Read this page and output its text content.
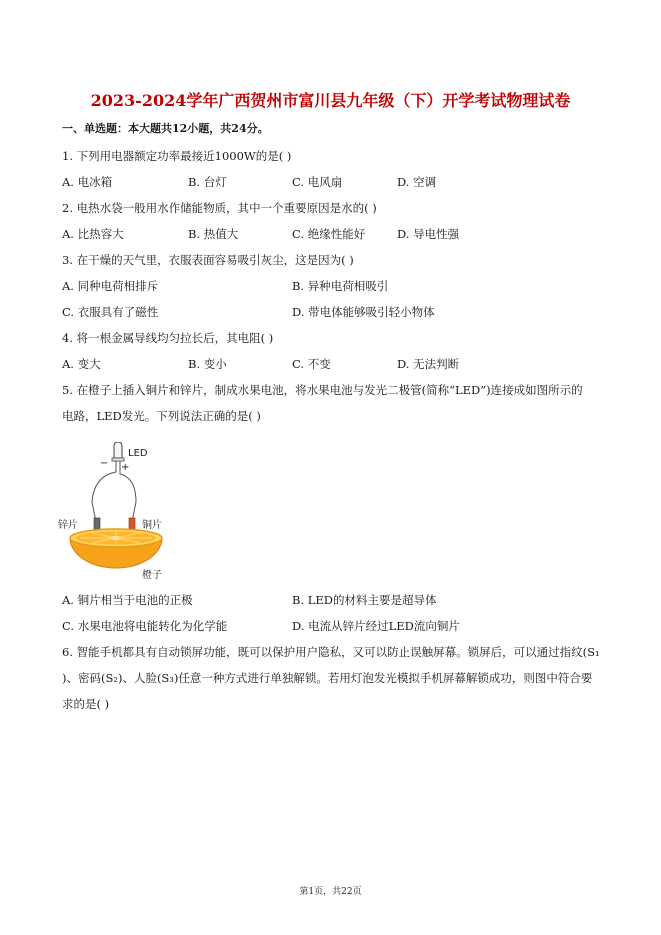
2023-2024学年广西贺州市富川县九年级（下）开学考试物理试卷
一、单选题：本大题共12小题，共24分。
1. 下列用电器额定功率最接近1000W的是( )
A. 电冰箱	B. 台灯	C. 电风扇	D. 空调
2. 电热水袋一般用水作储能物质，其中一个重要原因是水的( )
A. 比热容大	B. 热值大	C. 绝缘性能好	D. 导电性强
3. 在干燥的天气里，衣服表面容易吸引灰尘，这是因为( )
A. 同种电荷相排斥	B. 异种电荷相吸引
C. 衣服具有了磁性	D. 带电体能够吸引轻小物体
4. 将一根金属导线均匀拉长后，其电阻( )
A. 变大	B. 变小	C. 不变	D. 无法判断
5. 在橙子上插入铜片和锌片，制成水果电池，将水果电池与发光二极管(简称“LED”)连接成如图所示的
电路，LED发光。下列说法正确的是( )
LED
− +
锌片	铜片
橙子
A. 铜片相当于电池的正极	B. LED的材料主要是超导体
C. 水果电池将电能转化为化学能	D. 电流从锌片经过LED流向铜片
6. 智能手机都具有自动锁屏功能，既可以保护用户隐私，又可以防止误触屏幕。锁屏后，可以通过指纹(S₁
)、密码(S₂)、人脸(S₃)任意一种方式进行单独解锁。若用灯泡发光模拟手机屏幕解锁成功，则图中符合要
求的是( )
第1页，共22页
